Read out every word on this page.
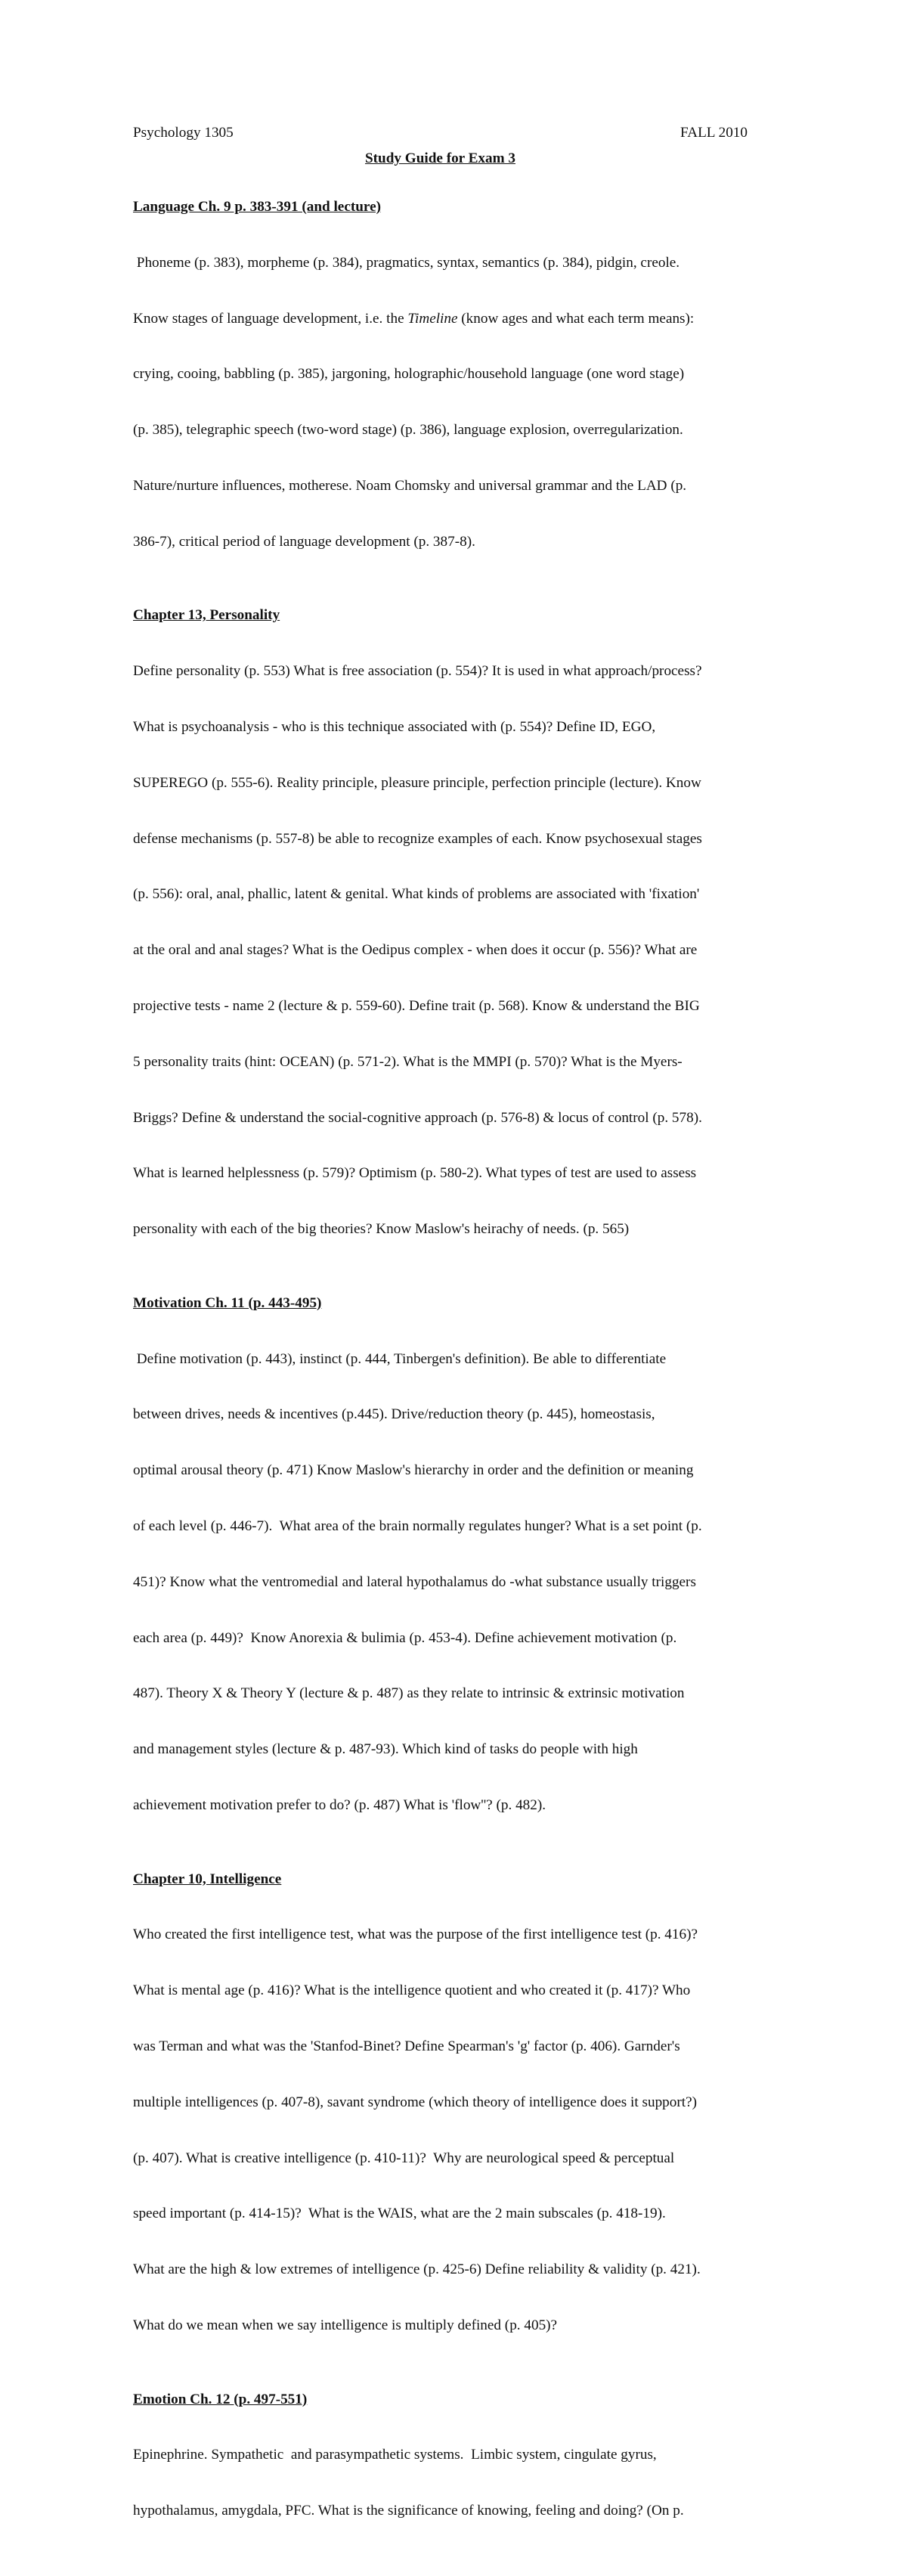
Psychology 1305	FALL 2010
Study Guide for Exam 3
Language Ch. 9 p. 383-391 (and lecture)

Phoneme (p. 383), morpheme (p. 384), pragmatics, syntax, semantics (p. 384), pidgin, creole.

Know stages of language development, i.e. the Timeline (know ages and what each term means):

crying, cooing, babbling (p. 385), jargoning, holographic/household language (one word stage)

(p. 385), telegraphic speech (two-word stage) (p. 386), language explosion, overregularization.

Nature/nurture influences, motherese. Noam Chomsky and universal grammar and the LAD (p.

386-7), critical period of language development (p. 387-8).

Chapter 13, Personality

Define personality (p. 553) What is free association (p. 554)? It is used in what approach/process?

What is psychoanalysis - who is this technique associated with (p. 554)? Define ID, EGO,

SUPEREGO (p. 555-6). Reality principle, pleasure principle, perfection principle (lecture). Know

defense mechanisms (p. 557-8) be able to recognize examples of each. Know psychosexual stages

(p. 556): oral, anal, phallic, latent & genital. What kinds of problems are associated with 'fixation'

at the oral and anal stages? What is the Oedipus complex - when does it occur (p. 556)? What are

projective tests - name 2 (lecture & p. 559-60). Define trait (p. 568). Know & understand the BIG

5 personality traits (hint: OCEAN) (p. 571-2). What is the MMPI (p. 570)? What is the Myers-

Briggs? Define & understand the social-cognitive approach (p. 576-8) & locus of control (p. 578).

What is learned helplessness (p. 579)? Optimism (p. 580-2). What types of test are used to assess

personality with each of the big theories? Know Maslow's heirachy of needs. (p. 565)

Motivation Ch. 11 (p. 443-495)

Define motivation (p. 443), instinct (p. 444, Tinbergen's definition). Be able to differentiate

between drives, needs & incentives (p.445). Drive/reduction theory (p. 445), homeostasis,

optimal arousal theory (p. 471) Know Maslow's hierarchy in order and the definition or meaning

of each level (p. 446-7).  What area of the brain normally regulates hunger? What is a set point (p.

451)? Know what the ventromedial and lateral hypothalamus do -what substance usually triggers

each area (p. 449)?  Know Anorexia & bulimia (p. 453-4). Define achievement motivation (p.

487). Theory X & Theory Y (lecture & p. 487) as they relate to intrinsic & extrinsic motivation

and management styles (lecture & p. 487-93). Which kind of tasks do people with high

achievement motivation prefer to do? (p. 487) What is 'flow''? (p. 482).

Chapter 10, Intelligence

Who created the first intelligence test, what was the purpose of the first intelligence test (p. 416)?

What is mental age (p. 416)? What is the intelligence quotient and who created it (p. 417)? Who

was Terman and what was the 'Stanfod-Binet? Define Spearman's 'g' factor (p. 406). Garnder's

multiple intelligences (p. 407-8), savant syndrome (which theory of intelligence does it support?)

(p. 407). What is creative intelligence (p. 410-11)?  Why are neurological speed & perceptual

speed important (p. 414-15)?  What is the WAIS, what are the 2 main subscales (p. 418-19).

What are the high & low extremes of intelligence (p. 425-6) Define reliability & validity (p. 421).

What do we mean when we say intelligence is multiply defined (p. 405)?

Emotion Ch. 12 (p. 497-551)

Epinephrine. Sympathetic  and parasympathetic systems.  Limbic system, cingulate gyrus,

hypothalamus, amygdala, PFC. What is the significance of knowing, feeling and doing? (On p.
